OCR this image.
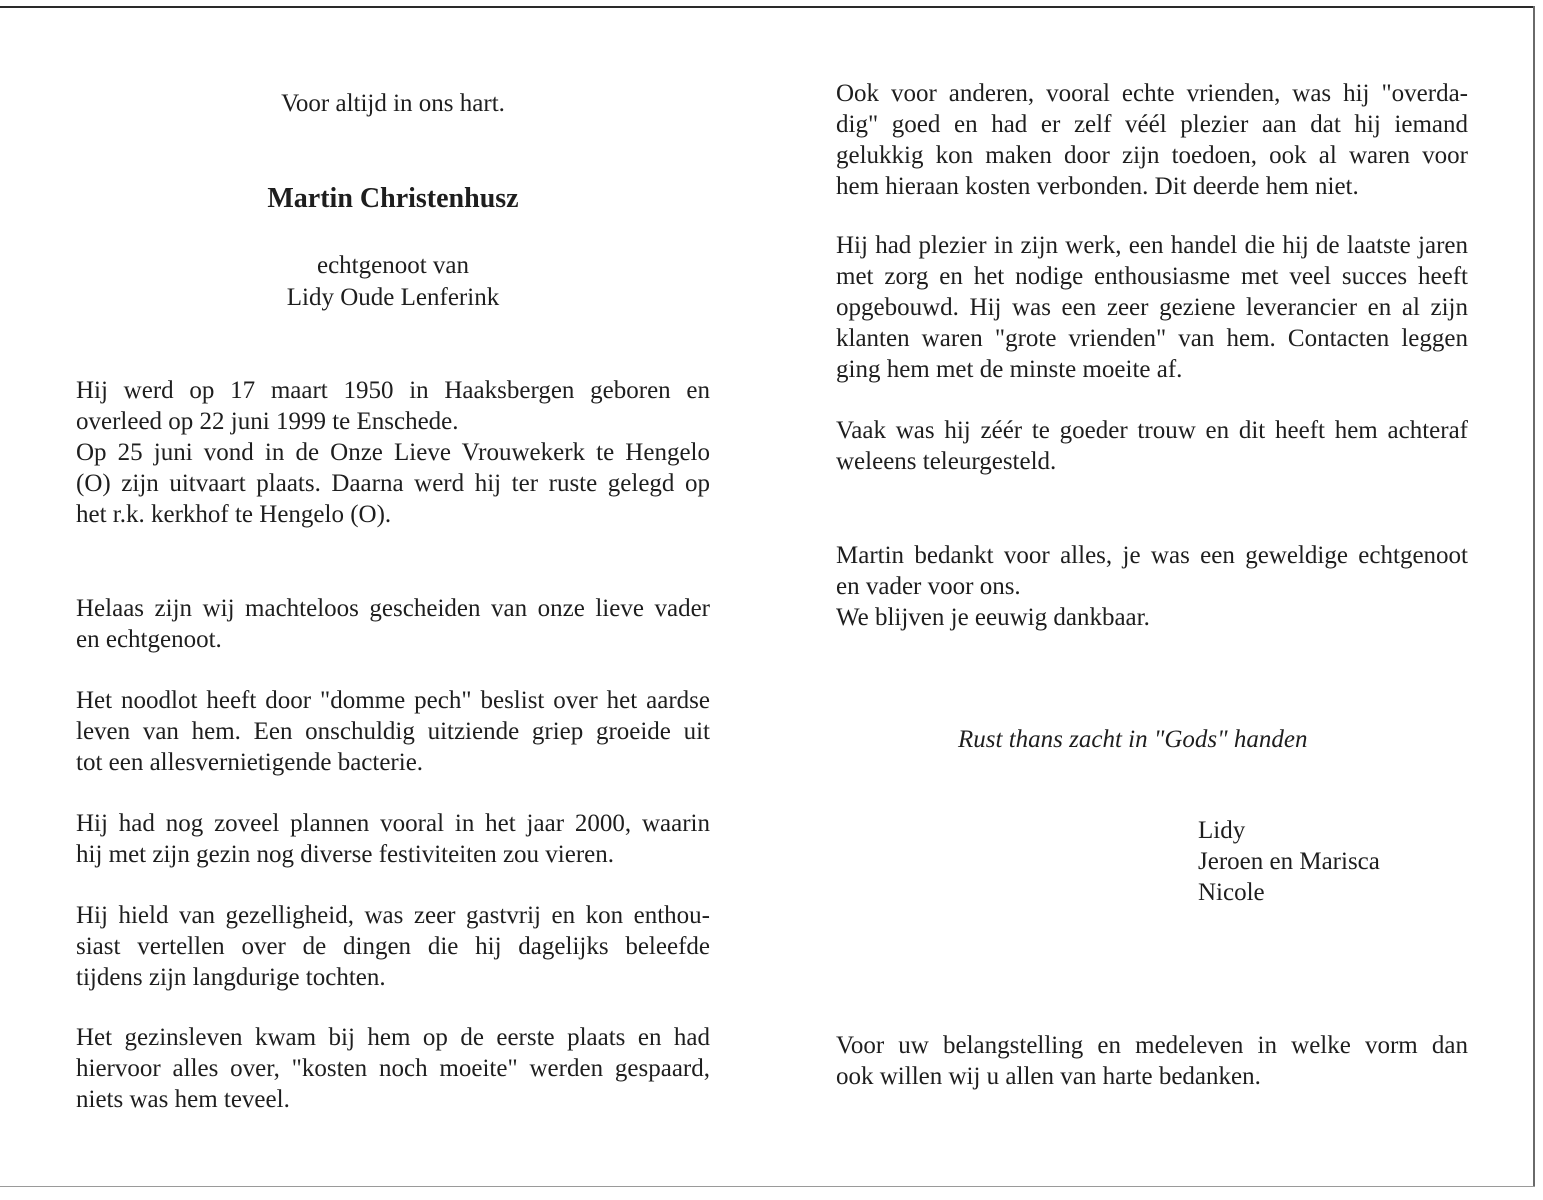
Voor altijd in ons hart.
Martin Christenhusz
echtgenoot van
Lidy Oude Lenferink
Hij werd op 17 maart 1950 in Haaksbergen geboren en
overleed op 22 juni 1999 te Enschede.
Op 25 juni vond in de Onze Lieve Vrouwekerk te Hengelo
(O) zijn uitvaart plaats. Daarna werd hij ter ruste gelegd op
het r.k. kerkhof te Hengelo (O).
Helaas zijn wij machteloos gescheiden van onze lieve vader
en echtgenoot.
Het noodlot heeft door "domme pech" beslist over het aardse
leven van hem. Een onschuldig uitziende griep groeide uit
tot een allesvernietigende bacterie.
Hij had nog zoveel plannen vooral in het jaar 2000, waarin
hij met zijn gezin nog diverse festiviteiten zou vieren.
Hij hield van gezelligheid, was zeer gastvrij en kon enthou-
siast vertellen over de dingen die hij dagelijks beleefde
tijdens zijn langdurige tochten.
Het gezinsleven kwam bij hem op de eerste plaats en had
hiervoor alles over, "kosten noch moeite" werden gespaard,
niets was hem teveel.
Ook voor anderen, vooral echte vrienden, was hij "overda-
dig" goed en had er zelf véél plezier aan dat hij iemand
gelukkig kon maken door zijn toedoen, ook al waren voor
hem hieraan kosten verbonden. Dit deerde hem niet.
Hij had plezier in zijn werk, een handel die hij de laatste jaren
met zorg en het nodige enthousiasme met veel succes heeft
opgebouwd. Hij was een zeer geziene leverancier en al zijn
klanten waren "grote vrienden" van hem. Contacten leggen
ging hem met de minste moeite af.
Vaak was hij zéér te goeder trouw en dit heeft hem achteraf
weleens teleurgesteld.
Martin bedankt voor alles, je was een geweldige echtgenoot
en vader voor ons.
We blijven je eeuwig dankbaar.
Rust thans zacht in "Gods" handen
Voor uw belangstelling en medeleven in welke vorm dan
ook willen wij u allen van harte bedanken.
Lidy
Jeroen en Marisca
Nicole
